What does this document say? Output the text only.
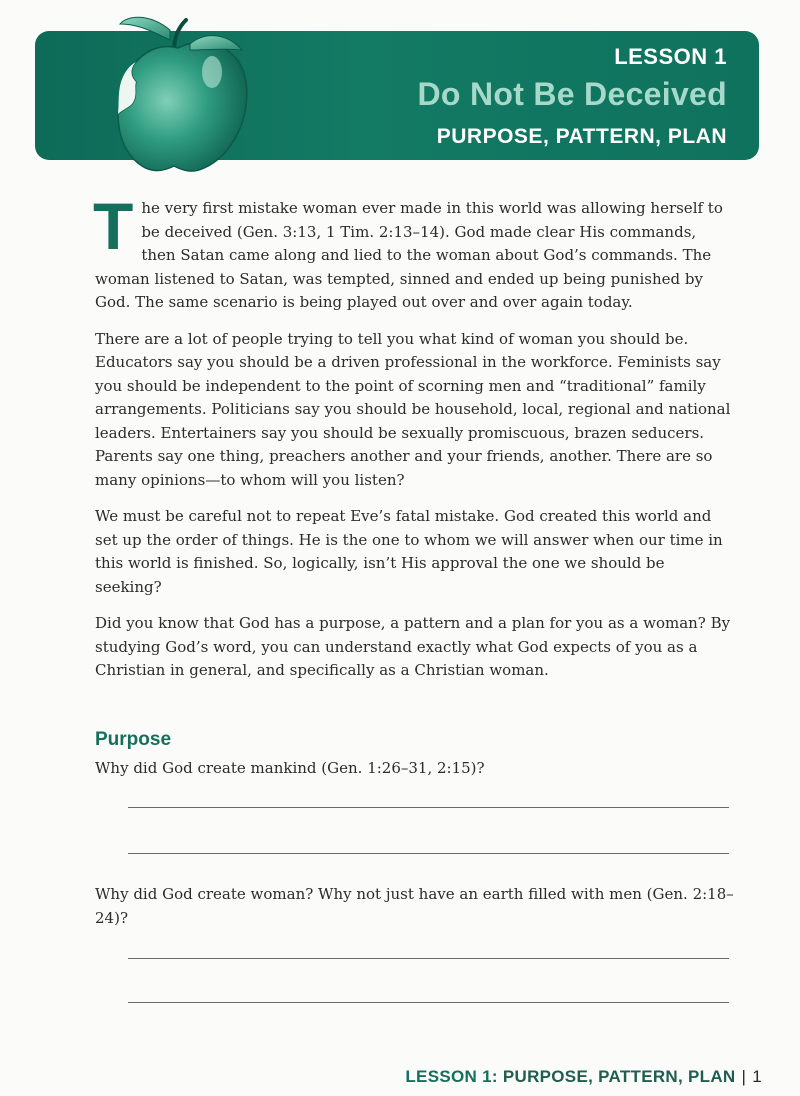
LESSON 1
Do Not Be Deceived
PURPOSE, PATTERN, PLAN

The very first mistake woman ever made in this world was allowing herself to be deceived (Gen. 3:13, 1 Tim. 2:13–14). God made clear His commands, then Satan came along and lied to the woman about God’s commands. The woman listened to Satan, was tempted, sinned and ended up being punished by God. The same scenario is being played out over and over again today.

There are a lot of people trying to tell you what kind of woman you should be. Educators say you should be a driven professional in the workforce. Feminists say you should be independent to the point of scorning men and “traditional” family arrangements. Politicians say you should be household, local, regional and national leaders. Entertainers say you should be sexually promiscuous, brazen seducers. Parents say one thing, preachers another and your friends, another. There are so many opinions—to whom will you listen?

We must be careful not to repeat Eve’s fatal mistake. God created this world and set up the order of things. He is the one to whom we will answer when our time in this world is finished. So, logically, isn’t His approval the one we should be seeking?

Did you know that God has a purpose, a pattern and a plan for you as a woman? By studying God’s word, you can understand exactly what God expects of you as a Christian in general, and specifically as a Christian woman.

Purpose
Why did God create mankind (Gen. 1:26–31, 2:15)?
Why did God create woman? Why not just have an earth filled with men (Gen. 2:18–24)?
LESSON 1: PURPOSE, PATTERN, PLAN | 1
